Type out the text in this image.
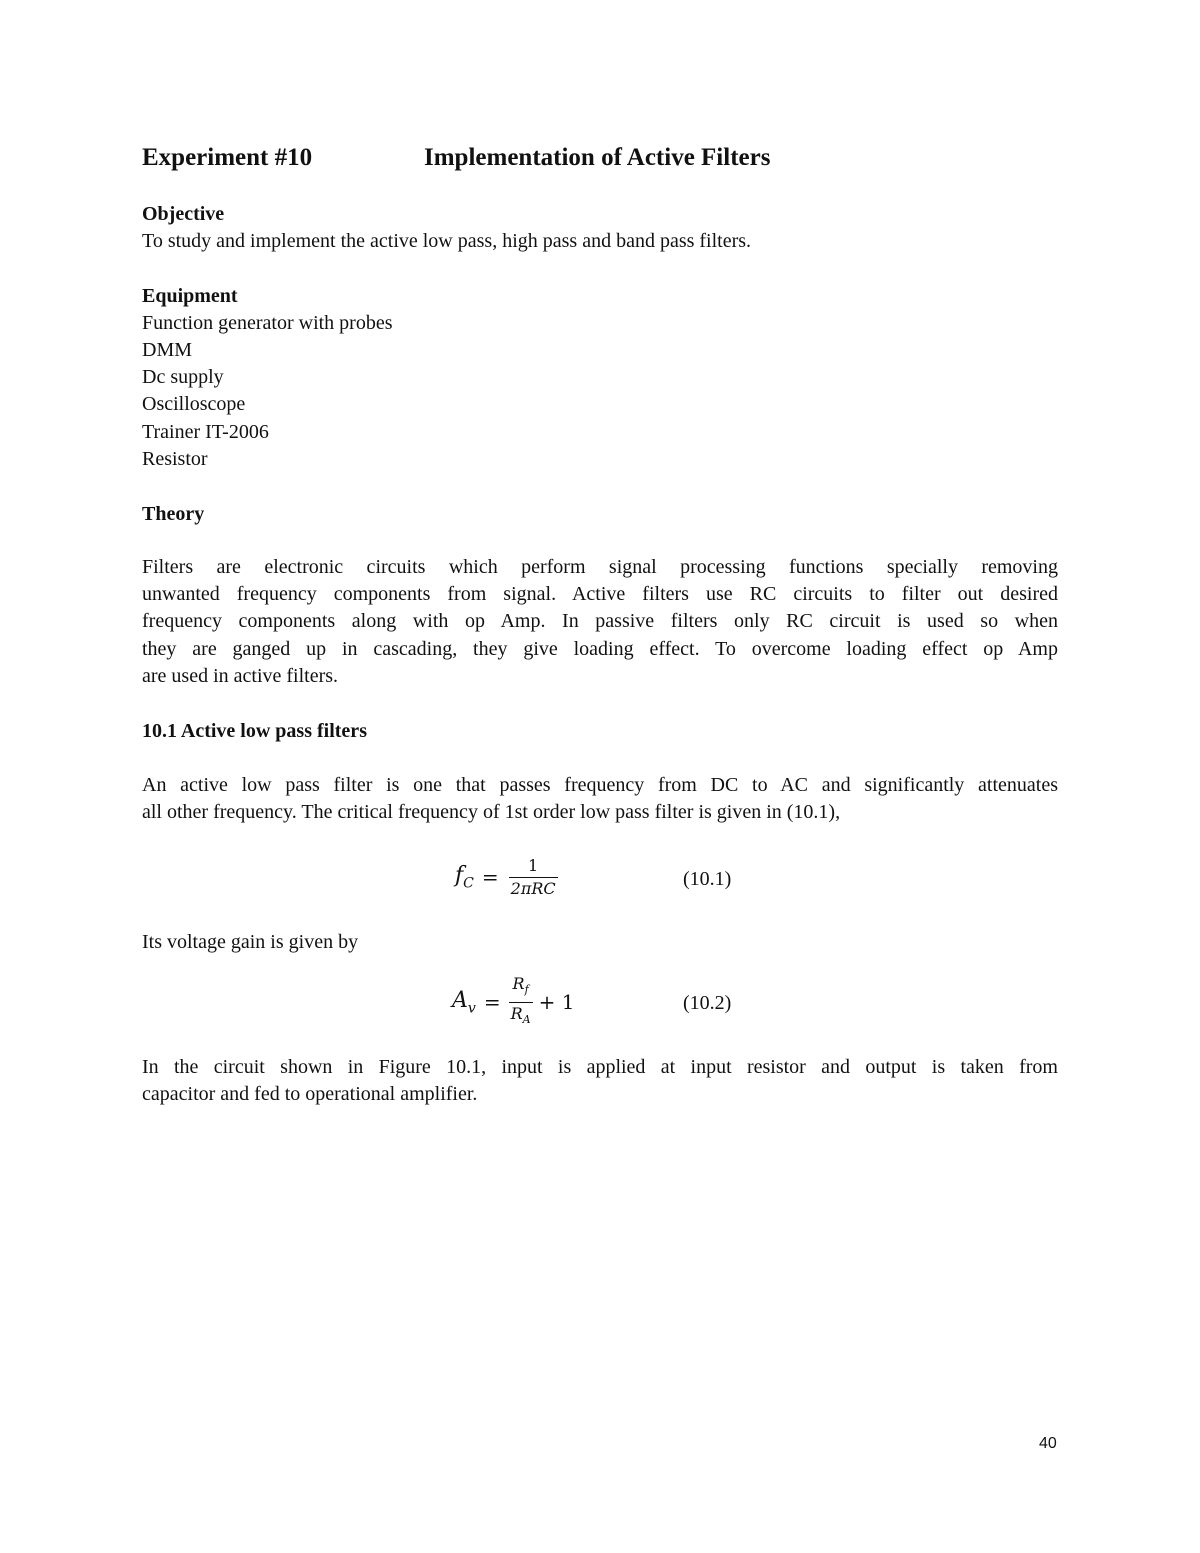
Experiment #10	Implementation of Active Filters
Objective
To study and implement the active low pass, high pass and band pass filters.
Equipment
Function generator with probes
DMM
Dc supply
Oscilloscope
Trainer IT-2006
Resistor
Theory
Filters are electronic circuits which perform signal processing functions specially removing
unwanted frequency components from signal. Active filters use RC circuits to filter out desired
frequency components along with op Amp. In passive filters only RC circuit is used so when
they are ganged up in cascading, they give loading effect. To overcome loading effect op Amp
are used in active filters.
10.1 Active low pass filters
An active low pass filter is one that passes frequency from DC to AC and significantly attenuates
all other frequency. The critical frequency of 1st order low pass filter is given in (10.1),
$f_C = \frac{1}{\text{2πRC}}$	(10.1)
Its voltage gain is given by
$A_v = \frac{R_f}{R_A} + 1$	(10.2)
In the circuit shown in Figure 10.1, input is applied at input resistor and output is taken from
capacitor and fed to operational amplifier.
40
